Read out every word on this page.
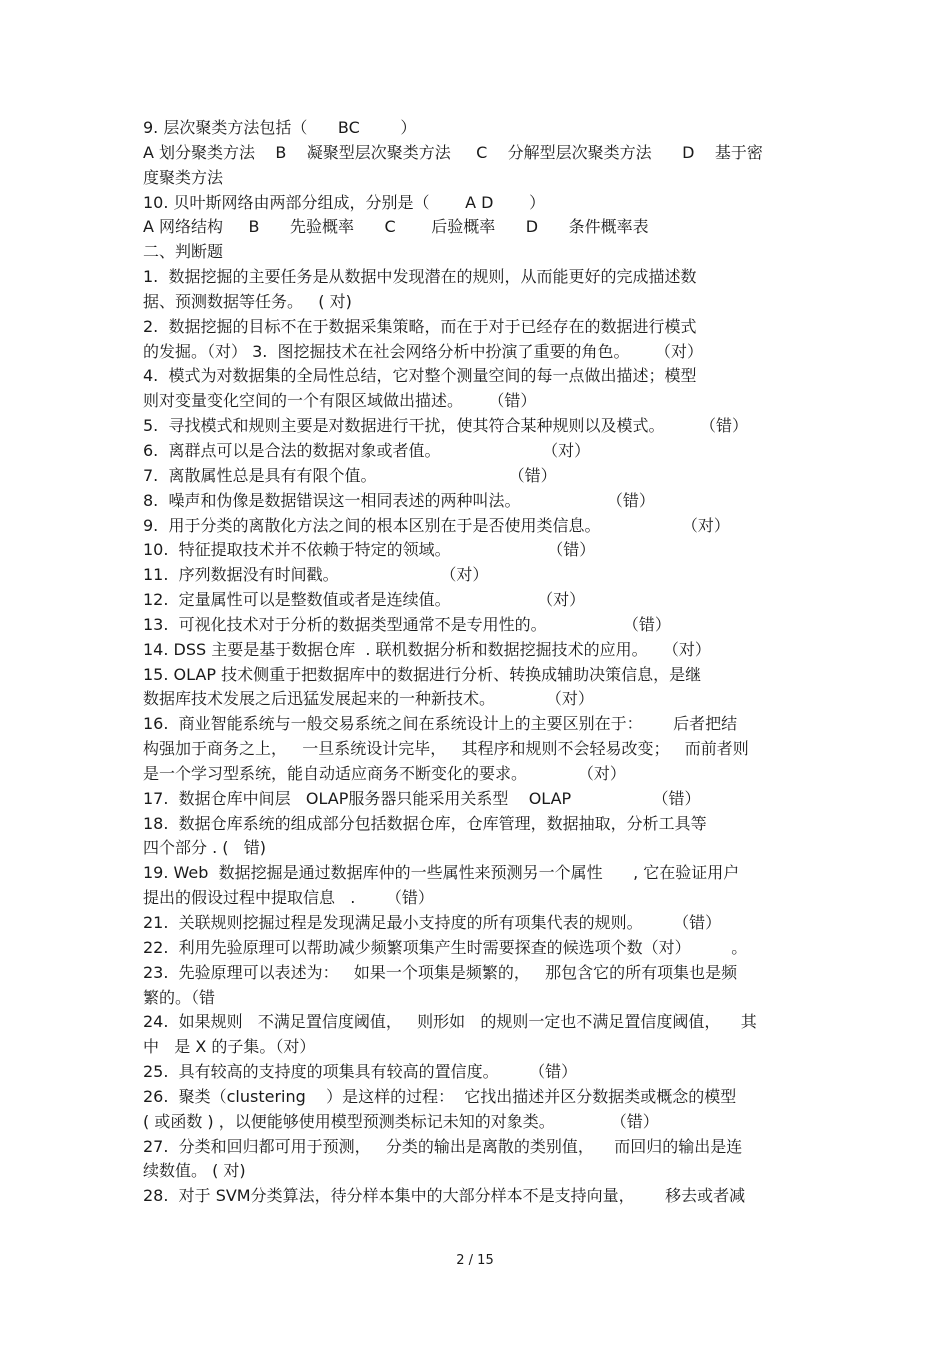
9. 层次聚类方法包括（      BC        ）
A 划分聚类方法    B    凝聚型层次聚类方法     C    分解型层次聚类方法      D    基于密
度聚类方法
10. 贝叶斯网络由两部分组成，分别是（       A D       ）
A 网络结构     B      先验概率      C       后验概率      D      条件概率表
二、判断题
1.  数据挖掘的主要任务是从数据中发现潜在的规则，从而能更好的完成描述数
据、预测数据等任务。   ( 对)
2.  数据挖掘的目标不在于数据采集策略，而在于对于已经存在的数据进行模式
的发掘。（对） 3.  图挖掘技术在社会网络分析中扮演了重要的角色。     （对）
4.  模式为对数据集的全局性总结，它对整个测量空间的每一点做出描述；模型
则对变量变化空间的一个有限区域做出描述。     （错）
5.  寻找模式和规则主要是对数据进行干扰，使其符合某种规则以及模式。       （错）
6.  离群点可以是合法的数据对象或者值。                    （对）
7.  离散属性总是具有有限个值。                          （错）
8.  噪声和伪像是数据错误这一相同表述的两种叫法。                 （错）
9.  用于分类的离散化方法之间的根本区别在于是否使用类信息。                （对）
10.  特征提取技术并不依赖于特定的领域。                   （错）
11.  序列数据没有时间戳。                    （对）
12.  定量属性可以是整数值或者是连续值。                 （对）
13.  可视化技术对于分析的数据类型通常不是专用性的。               （错）
14. DSS 主要是基于数据仓库  . 联机数据分析和数据挖掘技术的应用。   （对）
15. OLAP 技术侧重于把数据库中的数据进行分析、转换成辅助决策信息，是继
数据库技术发展之后迅猛发展起来的一种新技术。          （对）
16.  商业智能系统与一般交易系统之间在系统设计上的主要区别在于：      后者把结
构强加于商务之上，   一旦系统设计完毕，   其程序和规则不会轻易改变；   而前者则
是一个学习型系统，能自动适应商务不断变化的要求。          （对）
17.  数据仓库中间层   OLAP服务器只能采用关系型    OLAP                （错）
18.  数据仓库系统的组成部分包括数据仓库，仓库管理，数据抽取，分析工具等
四个部分 . (   错)
19. Web  数据挖掘是通过数据库仲的一些属性来预测另一个属性      , 它在验证用户
提出的假设过程中提取信息   .      （错）
21.  关联规则挖掘过程是发现满足最小支持度的所有项集代表的规则。      （错）
22.  利用先验原理可以帮助减少频繁项集产生时需要探查的候选项个数（对）        。
23.  先验原理可以表述为：   如果一个项集是频繁的，   那包含它的所有项集也是频
繁的。（错
24.  如果规则   不满足置信度阈值，   则形如   的规则一定也不满足置信度阈值，    其
中   是 X 的子集。（对）
25.  具有较高的支持度的项集具有较高的置信度。      （错）
26.  聚类（clustering    ）是这样的过程：  它找出描述并区分数据类或概念的模型
( 或函数 ) ，以便能够使用模型预测类标记未知的对象类。           （错）
27.  分类和回归都可用于预测，   分类的输出是离散的类别值，    而回归的输出是连
续数值。 ( 对)
28.  对于 SVM分类算法，待分样本集中的大部分样本不是支持向量，      移去或者减
2 / 15
